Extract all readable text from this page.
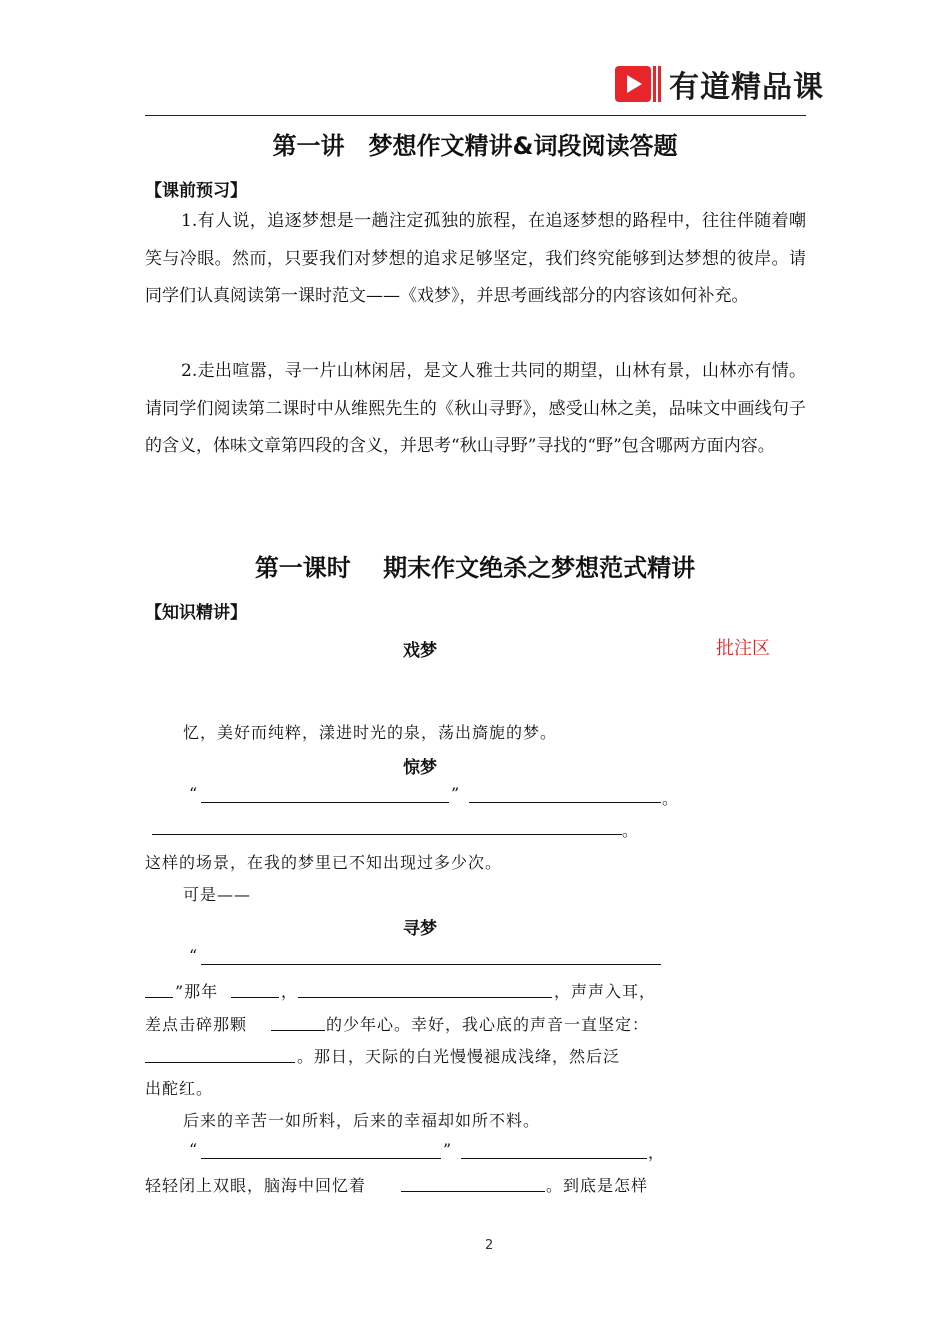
有道精品课
第一讲　梦想作文精讲&词段阅读答题
【课前预习】
1.有人说，追逐梦想是一趟注定孤独的旅程，在追逐梦想的路程中，往往伴随着嘲笑与冷眼。然而，只要我们对梦想的追求足够坚定，我们终究能够到达梦想的彼岸。请同学们认真阅读第一课时范文——《戏梦》，并思考画线部分的内容该如何补充。
2.走出喧嚣，寻一片山林闲居，是文人雅士共同的期望，山林有景，山林亦有情。请同学们阅读第二课时中从维熙先生的《秋山寻野》，感受山林之美，品味文中画线句子的含义，体味文章第四段的含义，并思考“秋山寻野”寻找的“野”包含哪两方面内容。
第一课时　 期末作文绝杀之梦想范式精讲
【知识精讲】
戏梦	批注区
忆，美好而纯粹，漾进时光的泉，荡出旖旎的梦。
惊梦
“	”	。
。
这样的场景，在我的梦里已不知出现过多少次。
可是——
寻梦
“
”那年	，	，声声入耳，
差点击碎那颗	的少年心。幸好，我心底的声音一直坚定：
。那日，天际的白光慢慢褪成浅绛，然后泛
出酡红。
后来的辛苦一如所料，后来的幸福却如所不料。
“	”	，
轻轻闭上双眼，脑海中回忆着	。到底是怎样
2
